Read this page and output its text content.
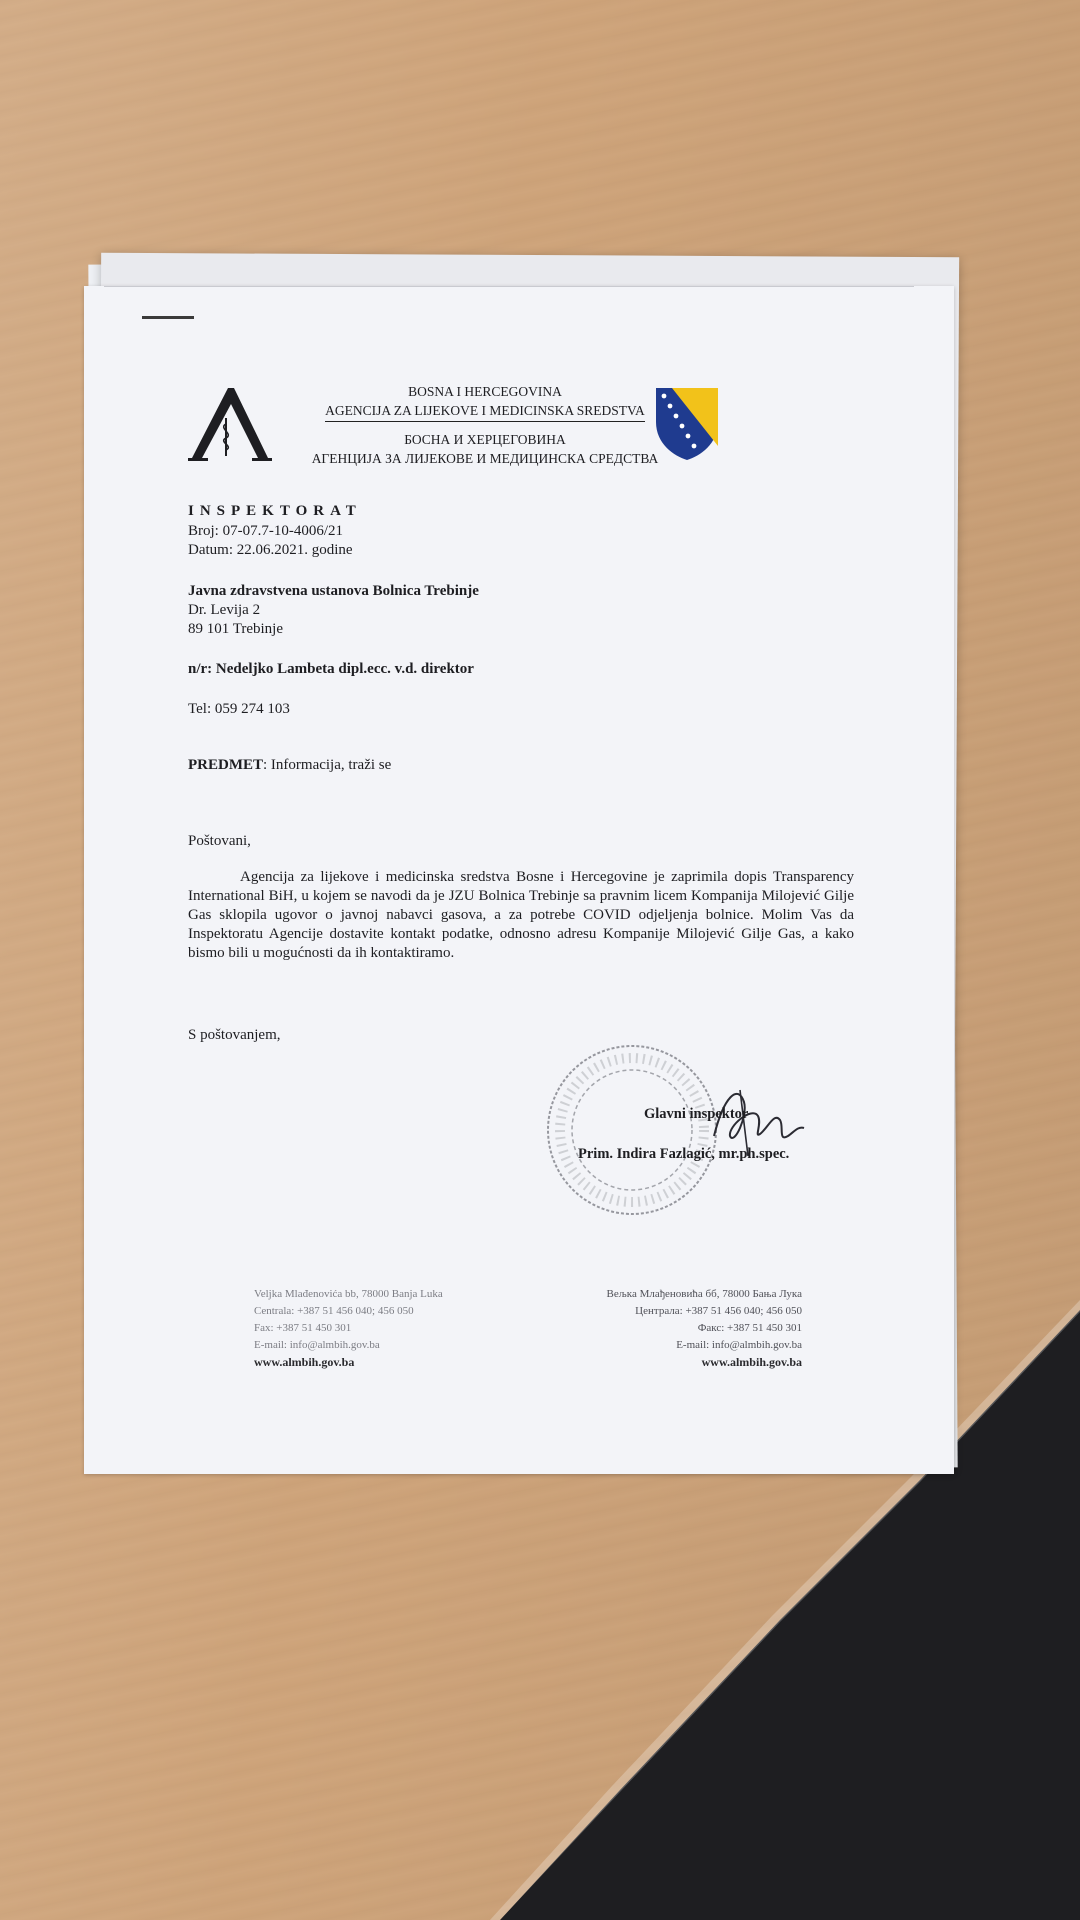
BOSNA I HERCEGOVINA
AGENCIJA ZA LIJEKOVE I MEDICINSKA SREDSTVA
БОСНА И ХЕРЦЕГОВИНА
АГЕНЦИЈА ЗА ЛИЈЕКОВЕ И МЕДИЦИНСКА СРЕДСТВА
INSPEKTORAT
Broj: 07-07.7-10-4006/21
Datum: 22.06.2021. godine
Javna zdravstvena ustanova Bolnica Trebinje
Dr. Levija 2
89 101 Trebinje
n/r: Nedeljko Lambeta dipl.ecc. v.d. direktor
Tel: 059 274 103
PREDMET: Informacija, traži se
Poštovani,
Agencija za lijekove i medicinska sredstva Bosne i Hercegovine je zaprimila dopis Transparency International BiH, u kojem se navodi da je JZU Bolnica Trebinje sa pravnim licem Kompanija Milojević Gilje Gas sklopila ugovor o javnoj nabavci gasova, a za potrebe COVID odjeljenja bolnice. Molim Vas da Inspektoratu Agencije dostavite kontakt podatke, odnosno adresu Kompanije Milojević Gilje Gas, a kako bismo bili u mogućnosti da ih kontaktiramo.
S poštovanjem,
Glavni inspektor
Prim. Indira Fazlagić, mr.ph.spec.
Veljka Mlađenovića bb, 78000 Banja Luka
Centrala: +387 51 456 040; 456 050
Fax: +387 51 450 301
E-mail: info@almbih.gov.ba
www.almbih.gov.ba
Вељка Млађеновића бб, 78000 Бања Лука
Централа: +387 51 456 040; 456 050
Факс: +387 51 450 301
E-mail: info@almbih.gov.ba
www.almbih.gov.ba
